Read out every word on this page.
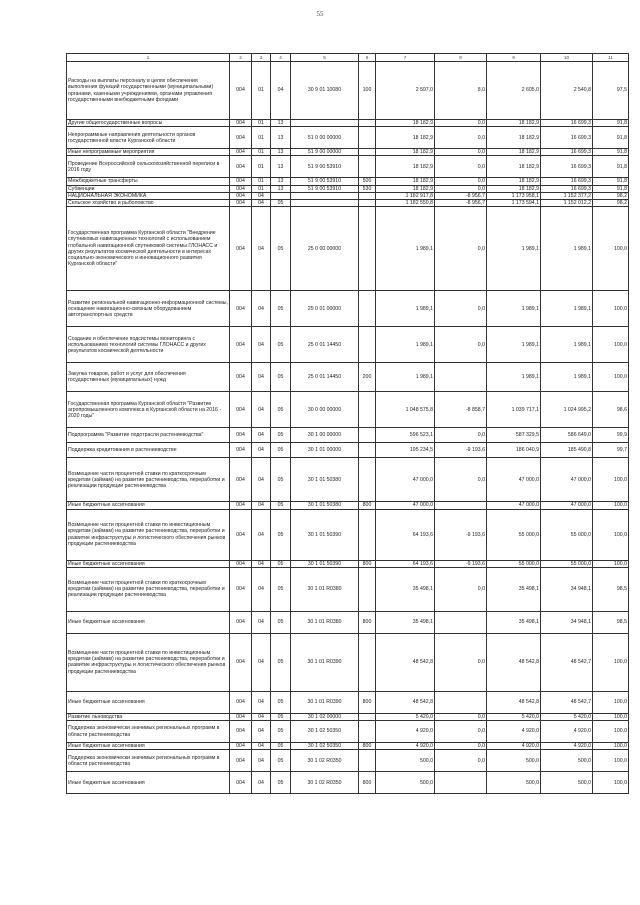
55
1	2	3	4	5	6	7	8	9	10	11
Расходы на выплаты персоналу в целях обеспечения выполнения функций государственными (муниципальными) органами, казенными учреждениями, органами управления государственными внебюджетными фондами	004	01	04	30 9 01 10080	100	2 597,0	8,0	2 605,0	2 540,8	97,5
Другие общегосударственные вопросы	004	01	13			18 182,9	0,0	18 182,9	16 699,3	91,8
Непрограммные направления деятельности органов государственной власти Курганской области	004	01	13	51 0 00 00000		18 182,9	0,0	18 182,9	16 699,3	91,8
Иные непрограммные мероприятия	004	01	13	51 9 00 00000		18 182,9	0,0	18 182,9	16 699,3	91,8
Проведение Всероссийской сельскохозяйственной переписи в 2016 году	004	01	13	51 9 00 53910		18 182,9	0,0	18 182,9	16 699,3	91,8
Межбюджетные трансферты	004	01	13	51 9 00 53910	500	18 182,9	0,0	18 182,9	16 699,3	91,8
Субвенции	004	01	13	51 9 00 53910	530	18 182,9	0,0	18 182,9	16 699,3	91,8
НАЦИОНАЛЬНАЯ ЭКОНОМИКА	004	04				1 182 917,8	-8 956,7	1 173 958,1	1 152 377,2	98,2
Сельское хозяйство и рыболовство	004	04	05			1 182 550,8	-8 956,7	1 173 594,1	1 152 012,2	98,2
Государственная программа Курганской области "Внедрение спутниковых навигационных технологий с использованием глобальной навигационной спутниковой системы ГЛОНАСС и других результатов космической деятельности в интересах социально-экономического и инновационного развития Курганской области"	004	04	05	25 0 00 00000		1 989,1	0,0	1 989,1	1 989,1	100,0
Развитие региональной навигационно-информационной системы, оснащение навигационно-связным оборудованием автотранспортных средств	004	04	05	25 0 01 00000		1 989,1	0,0	1 989,1	1 989,1	100,0
Создание и обеспечение подсистемы мониторинга с использованием технологий системы ГЛОНАСС и других результатов космической деятельности	004	04	05	25 0 01 14450		1 989,1	0,0	1 989,1	1 989,1	100,0
Закупка товаров, работ и услуг для обеспечения государственных (муниципальных) нужд	004	04	05	25 0 01 14450	200	1 989,1		1 989,1	1 989,1	100,0
Государственная программа Курганской области "Развитие агропромышленного комплекса в Курганской области на 2016 - 2020 годы"	004	04	05	30 0 00 00000		1 048 575,8	-8 858,7	1 039 717,1	1 024 995,2	98,6
Подпрограмма "Развитие подотрасли растениеводства"	004	04	05	30 1 00 00000		596 523,1	0,0	587 329,5	586 649,0	99,9
Поддержка кредитования в растениеводстве	004	04	05	30 1 01 00000		195 234,5	-9 193,6	186 040,9	185 490,8	99,7
Возмещение части процентной ставки по краткосрочным кредитам (займам) на развитие растениеводства, переработки и реализации продукции растениеводства	004	04	05	30 1 01 50380		47 000,0	0,0	47 000,0	47 000,0	100,0
Иные бюджетные ассигнования	004	04	05	30 1 01 50380	800	47 000,0		47 000,0	47 000,0	100,0
Возмещение части процентной ставки по инвестиционным кредитам (займам) на развитие растениеводства, переработки и развитие инфраструктуры и логистического обеспечения рынков продукции растениеводства	004	04	05	30 1 01 50390		64 193,6	-9 193,6	55 000,0	55 000,0	100,0
Иные бюджетные ассигнования	004	04	05	30 1 01 50390	800	64 193,6	-9 193,6	55 000,0	55 000,0	100,0
Возмещение части процентной ставки по краткосрочным кредитам (займам) на развитие растениеводства, переработки и реализации продукции растениеводства	004	04	05	30 1 01 R0380		35 498,1	0,0	35 498,1	34 948,1	98,5
Иные бюджетные ассигнования	004	04	05	30 1 01 R0380	800	35 498,1		35 498,1	34 948,1	98,5
Возмещение части процентной ставки по инвестиционным кредитам (займам) на развитие растениеводства, переработки и развитие инфраструктуры и логистического обеспечения рынков продукции растениеводства	004	04	05	30 1 01 R0390		48 542,8	0,0	48 542,8	48 542,7	100,0
Иные бюджетные ассигнования	004	04	05	30 1 01 R0390	800	48 542,8		48 542,8	48 542,7	100,0
Развитие льноводства	004	04	05	30 1 02 00000		5 420,0	0,0	5 420,0	5 420,0	100,0
Поддержка экономически значимых региональных программ в области растениеводства	004	04	05	30 1 02 50350		4 920,0	0,0	4 920,0	4 920,0	100,0
Иные бюджетные ассигнования	004	04	05	30 1 02 50350	800	4 920,0	0,0	4 920,0	4 920,0	100,0
Поддержка экономически значимых региональных программ в области растениеводства	004	04	05	30 1 02 R0350		500,0	0,0	500,0	500,0	100,0
Иные бюджетные ассигнования	004	04	05	30 1 02 R0350	800	500,0		500,0	500,0	100,0
